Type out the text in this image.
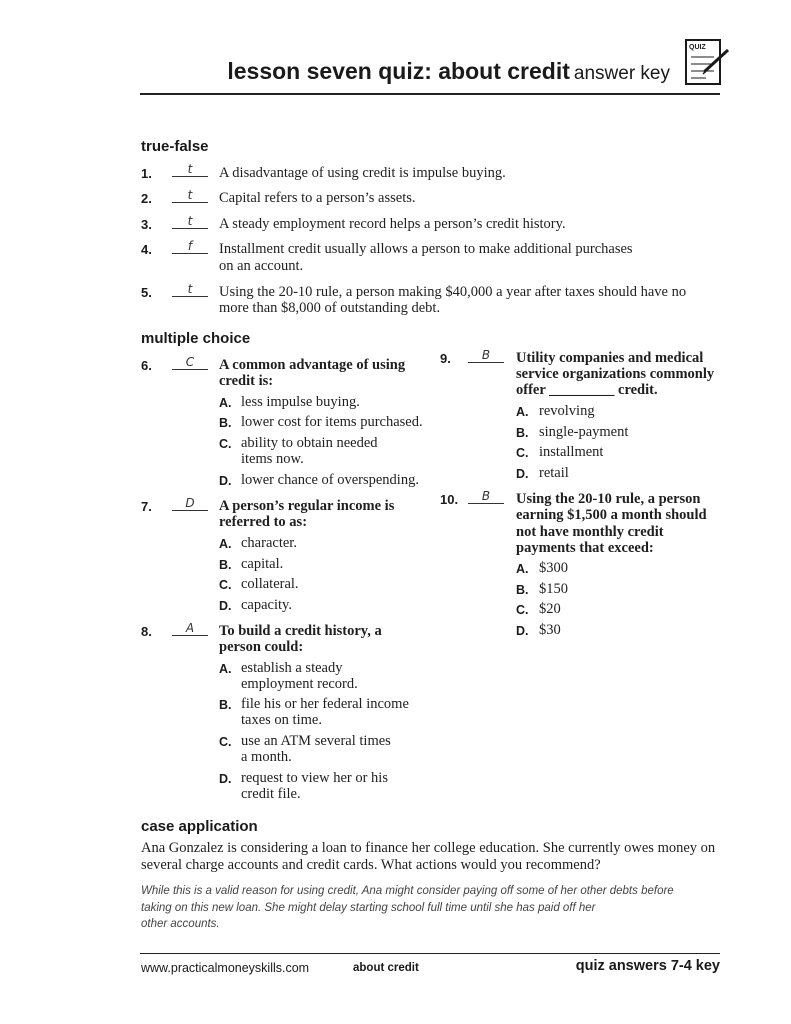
lesson seven quiz: about credit answer key
QUIZ
true-false
1.	t	A disadvantage of using credit is impulse buying.
2.	t	Capital refers to a person’s assets.
3.	t	A steady employment record helps a person’s credit history.
4.	f	Installment credit usually allows a person to make additional purchases
on an account.
5.	t	Using the 20-10 rule, a person making $40,000 a year after taxes should have no
more than $8,000 of outstanding debt.
multiple choice
6.	C	A common advantage of using
credit is:
A. less impulse buying.
B. lower cost for items purchased.
C. ability to obtain needed
items now.
D. lower chance of overspending.
7.	D	A person’s regular income is
referred to as:
A. character.
B. capital.
C. collateral.
D. capacity.
8.	A	To build a credit history, a
person could:
A. establish a steady
employment record.
B. file his or her federal income
taxes on time.
C. use an ATM several times
a month.
D. request to view her or his
credit file.
9.	B	Utility companies and medical
service organizations commonly
offer _________ credit.
A. revolving
B. single-payment
C. installment
D. retail
10.	B	Using the 20-10 rule, a person
earning $1,500 a month should
not have monthly credit
payments that exceed:
A. $300
B. $150
C. $20
D. $30
case application
Ana Gonzalez is considering a loan to finance her college education. She currently owes money on several charge accounts and credit cards. What actions would you recommend?
While this is a valid reason for using credit, Ana might consider paying off some of her other debts before
taking on this new loan. She might delay starting school full time until she has paid off her
other accounts.
www.practicalmoneyskills.com	about credit	quiz answers 7-4 key
